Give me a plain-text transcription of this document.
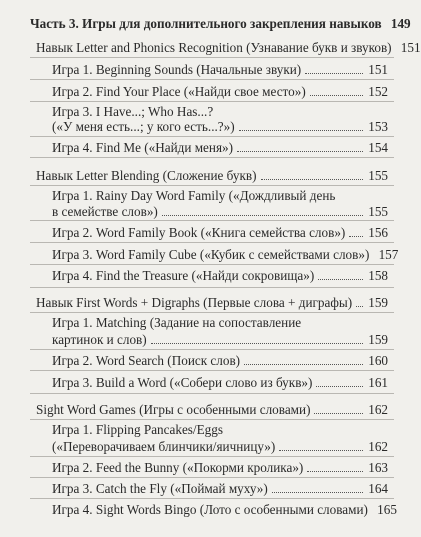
Часть 3. Игры для дополнительного закрепления навыков 149
Навык Letter and Phonics Recognition (Узнавание букв и звуков) 151
Игра 1. Beginning Sounds (Начальные звуки)	151
Игра 2. Find Your Place («Найди свое место»)	152
Игра 3. I Have...; Who Has...?
(«У меня есть...; у кого есть...?»)	153
Игра 4. Find Me («Найди меня»)	154
Навык Letter Blending (Сложение букв)	155
Игра 1. Rainy Day Word Family («Дождливый день
в семействе слов»)	155
Игра 2. Word Family Book («Книга семейства слов») 156
Игра 3. Word Family Cube («Кубик с семействами слов») 157
Игра 4. Find the Treasure («Найди сокровища»)	158
Навык First Words + Digraphs (Первые слова + диграфы) 159
Игра 1. Matching (Задание на сопоставление
картинок и слов)	159
Игра 2. Word Search (Поиск слов)	160
Игра 3. Build a Word («Собери слово из букв»)	161
Sight Word Games (Игры с особенными словами)	162
Игра 1. Flipping Pancakes/Eggs
(«Переворачиваем блинчики/яичницу»)	162
Игра 2. Feed the Bunny («Покорми кролика»)	163
Игра 3. Catch the Fly («Поймай муху»)	164
Игра 4. Sight Words Bingo (Лото с особенными словами) 165
